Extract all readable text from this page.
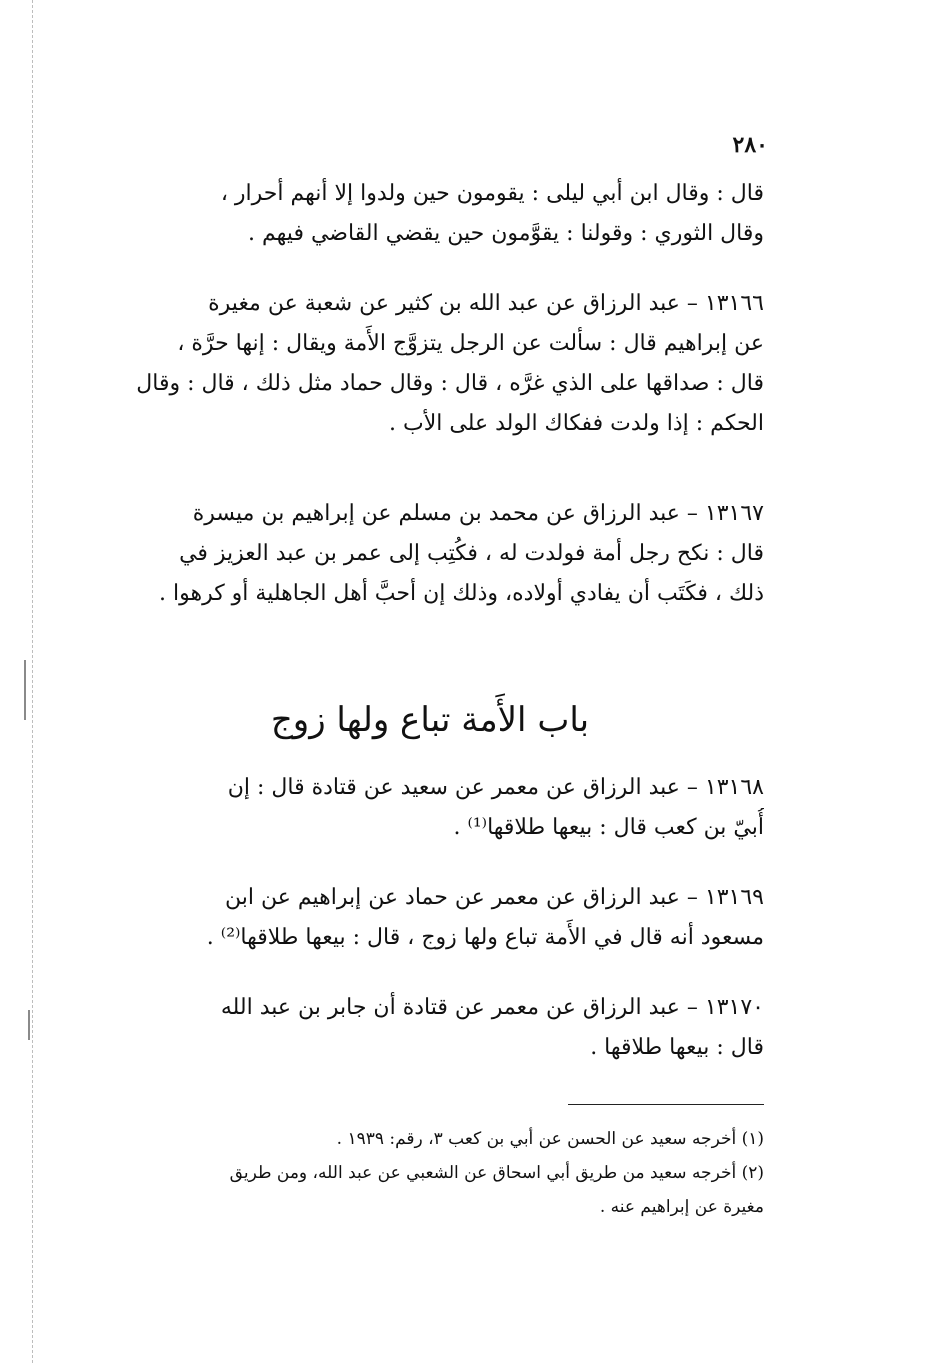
٢٨٠
قال : وقال ابن أبي ليلى : يقومون حين ولدوا إلا أنهم أحرار ،
وقال الثوري : وقولنا : يقوَّمون حين يقضي القاضي فيهم .
١٣١٦٦ – عبد الرزاق عن عبد الله بن كثير عن شعبة عن مغيرة
عن إبراهيم قال : سألت عن الرجل يتزوَّج الأَمة ويقال : إنها حرَّة ،
قال : صداقها على الذي غرَّه ، قال : وقال حماد مثل ذلك ، قال : وقال
الحكم : إذا ولدت ففكاك الولد على الأب .
١٣١٦٧ – عبد الرزاق عن محمد بن مسلم عن إبراهيم بن ميسرة
قال : نكح رجل أمة فولدت له ، فكُتِب إلى عمر بن عبد العزيز في
ذلك ، فكَتَب أن يفادي أولاده، وذلك إن أحبَّ أهل الجاهلية أو كرهوا .
باب الأَمة تباع ولها زوج
١٣١٦٨ – عبد الرزاق عن معمر عن سعيد عن قتادة قال : إن
أُبيّ بن كعب قال : بيعها طلاقها⁽¹⁾ .
١٣١٦٩ – عبد الرزاق عن معمر عن حماد عن إبراهيم عن ابن
مسعود أنه قال في الأَمة تباع ولها زوج ، قال : بيعها طلاقها⁽²⁾ .
١٣١٧٠ – عبد الرزاق عن معمر عن قتادة أن جابر بن عبد الله
قال : بيعها طلاقها .
(١) أخرجه سعيد عن الحسن عن أبي بن كعب ٣، رقم: ١٩٣٩ .
(٢) أخرجه سعيد من طريق أبي اسحاق عن الشعبي عن عبد الله، ومن طريق
مغيرة عن إبراهيم عنه .
